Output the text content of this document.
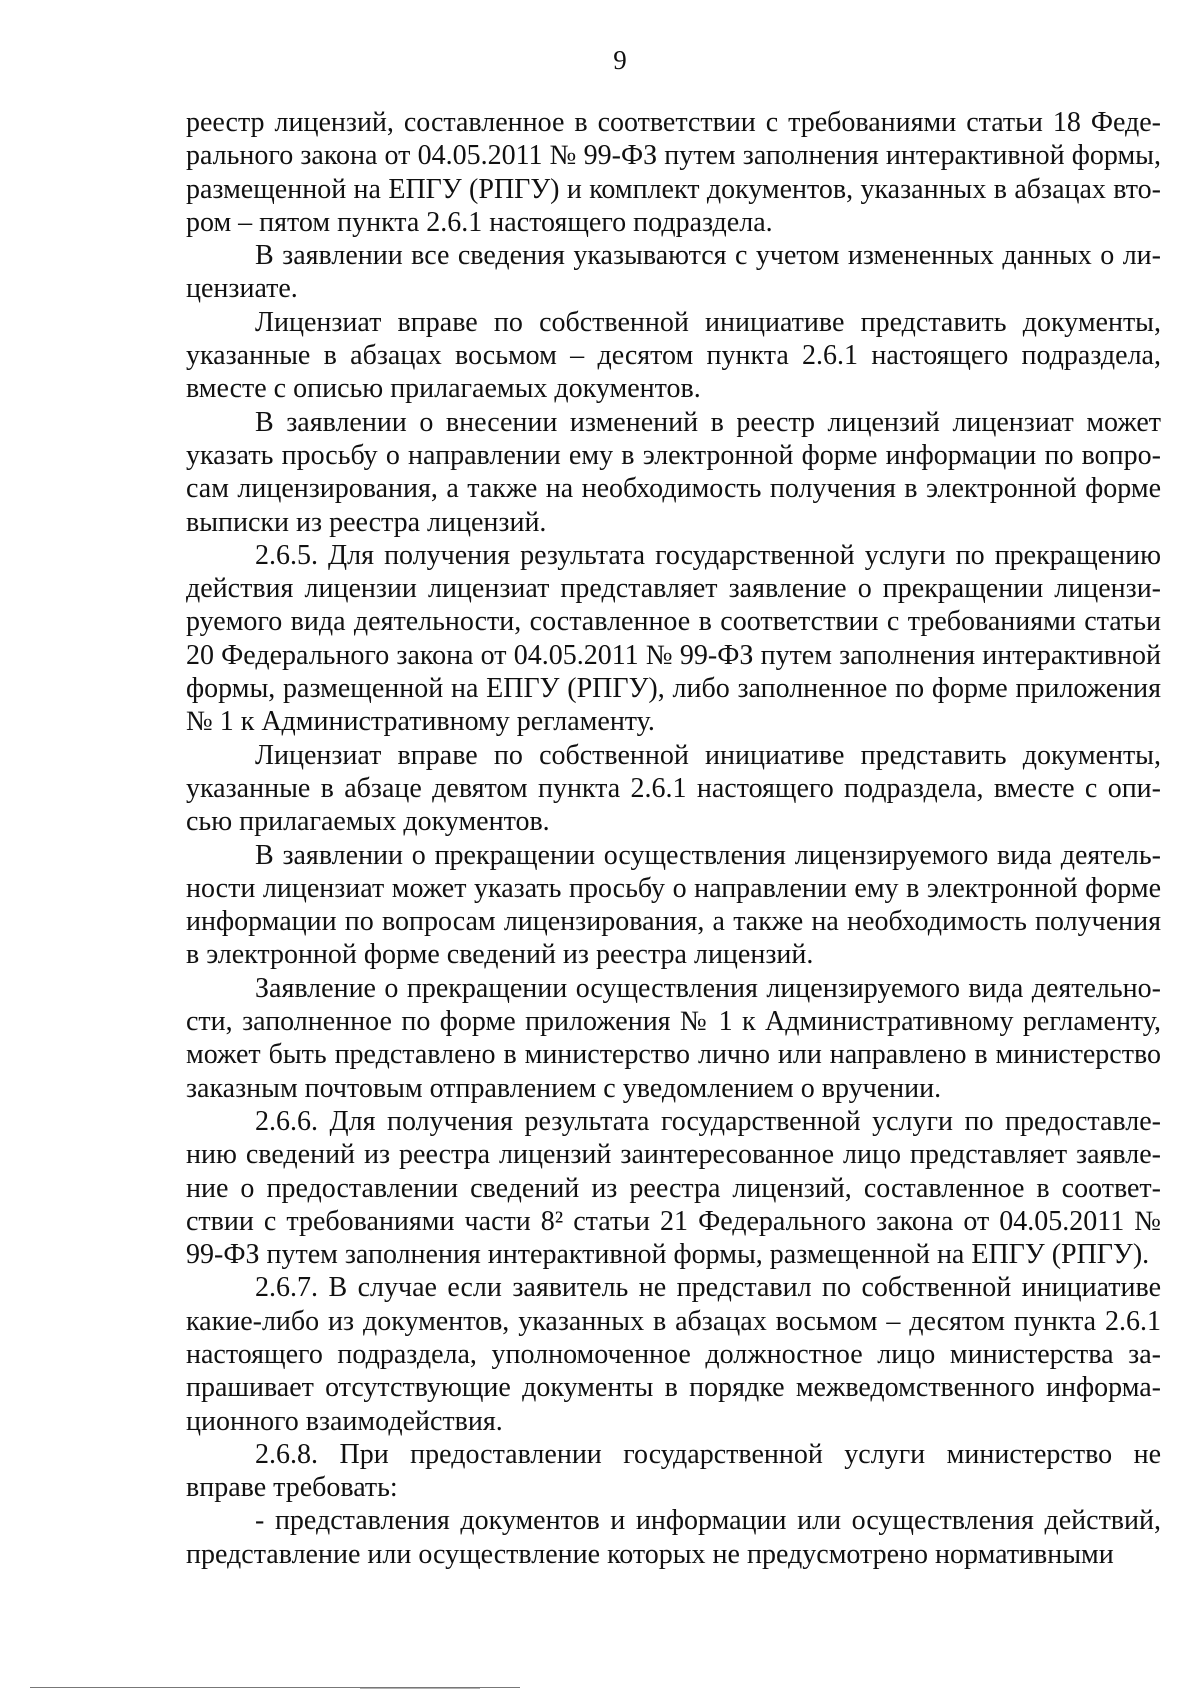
9

реестр лицензий, составленное в соответствии с требованиями статьи 18 Федерального закона от 04.05.2011 № 99-ФЗ путем заполнения интерактивной формы, размещенной на ЕПГУ (РПГУ) и комплект документов, указанных в абзацах втором – пятом пункта 2.6.1 настоящего подраздела.

В заявлении все сведения указываются с учетом измененных данных о лицензиате.

Лицензиат вправе по собственной инициативе представить документы, указанные в абзацах восьмом – десятом пункта 2.6.1 настоящего подраздела, вместе с описью прилагаемых документов.

В заявлении о внесении изменений в реестр лицензий лицензиат может указать просьбу о направлении ему в электронной форме информации по вопросам лицензирования, а также на необходимость получения в электронной форме выписки из реестра лицензий.

2.6.5. Для получения результата государственной услуги по прекращению действия лицензии лицензиат представляет заявление о прекращении лицензируемого вида деятельности, составленное в соответствии с требованиями статьи 20 Федерального закона от 04.05.2011 № 99-ФЗ путем заполнения интерактивной формы, размещенной на ЕПГУ (РПГУ), либо заполненное по форме приложения № 1 к Административному регламенту.

Лицензиат вправе по собственной инициативе представить документы, указанные в абзаце девятом пункта 2.6.1 настоящего подраздела, вместе с описью прилагаемых документов.

В заявлении о прекращении осуществления лицензируемого вида деятельности лицензиат может указать просьбу о направлении ему в электронной форме информации по вопросам лицензирования, а также на необходимость получения в электронной форме сведений из реестра лицензий.

Заявление о прекращении осуществления лицензируемого вида деятельности, заполненное по форме приложения № 1 к Административному регламенту, может быть представлено в министерство лично или направлено в министерство заказным почтовым отправлением с уведомлением о вручении.

2.6.6. Для получения результата государственной услуги по предоставлению сведений из реестра лицензий заинтересованное лицо представляет заявление о предоставлении сведений из реестра лицензий, составленное в соответствии с требованиями части 8² статьи 21 Федерального закона от 04.05.2011 № 99-ФЗ путем заполнения интерактивной формы, размещенной на ЕПГУ (РПГУ).

2.6.7. В случае если заявитель не представил по собственной инициативе какие-либо из документов, указанных в абзацах восьмом – десятом пункта 2.6.1 настоящего подраздела, уполномоченное должностное лицо министерства запрашивает отсутствующие документы в порядке межведомственного информационного взаимодействия.

2.6.8. При предоставлении государственной услуги министерство не вправе требовать:

- представления документов и информации или осуществления действий, представление или осуществление которых не предусмотрено нормативными
